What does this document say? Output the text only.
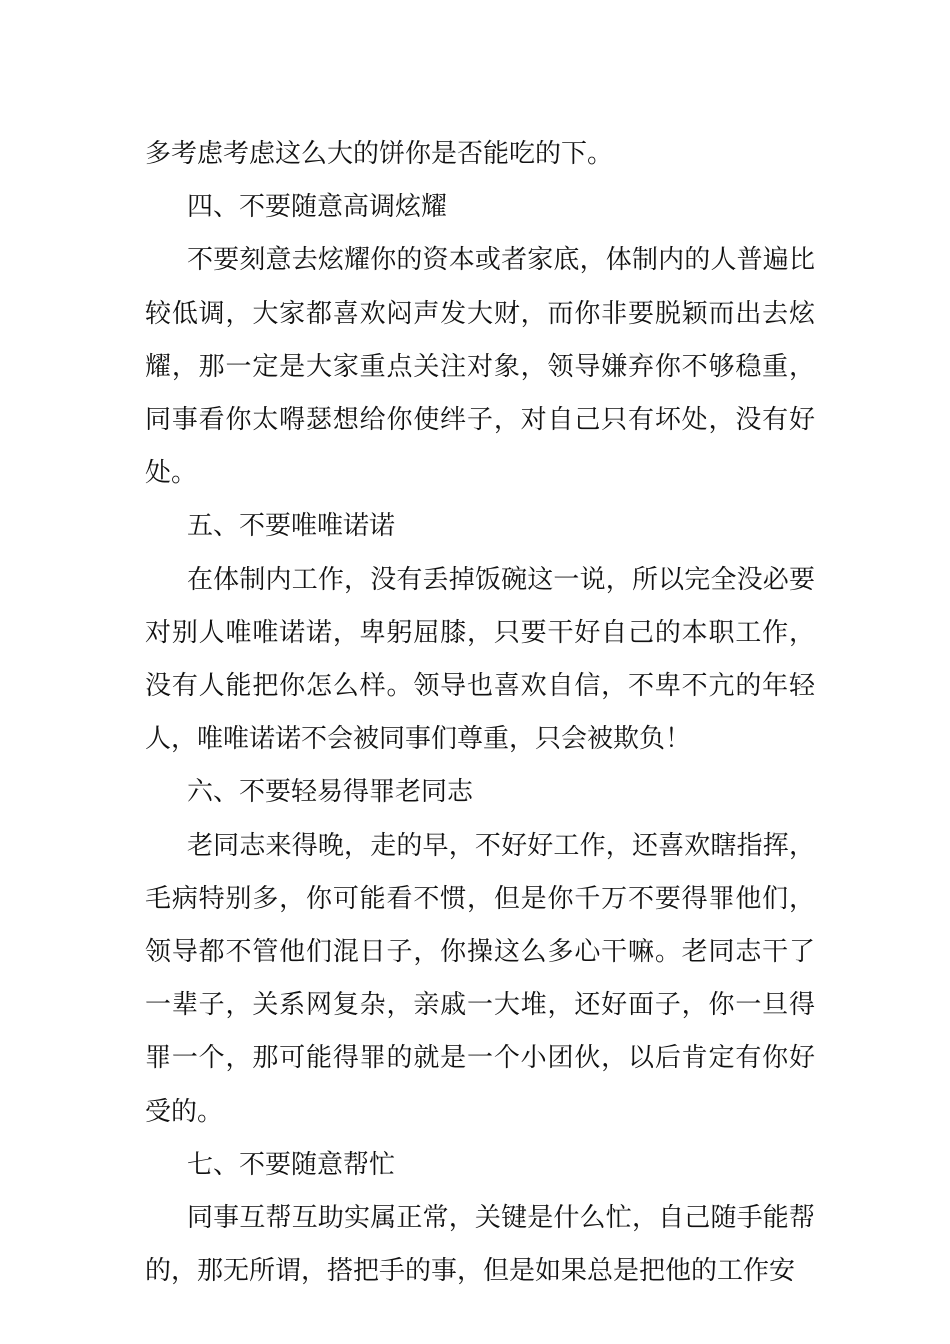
多考虑考虑这么大的饼你是否能吃的下。

四、不要随意高调炫耀

不要刻意去炫耀你的资本或者家底，体制内的人普遍比较低调，大家都喜欢闷声发大财，而你非要脱颖而出去炫耀，那一定是大家重点关注对象，领导嫌弃你不够稳重，同事看你太嘚瑟想给你使绊子，对自己只有坏处，没有好处。

五、不要唯唯诺诺

在体制内工作，没有丢掉饭碗这一说，所以完全没必要对别人唯唯诺诺，卑躬屈膝，只要干好自己的本职工作，没有人能把你怎么样。领导也喜欢自信，不卑不亢的年轻人，唯唯诺诺不会被同事们尊重，只会被欺负！

六、不要轻易得罪老同志

老同志来得晚，走的早，不好好工作，还喜欢瞎指挥，毛病特别多，你可能看不惯，但是你千万不要得罪他们，领导都不管他们混日子，你操这么多心干嘛。老同志干了一辈子，关系网复杂，亲戚一大堆，还好面子，你一旦得罪一个，那可能得罪的就是一个小团伙，以后肯定有你好受的。

七、不要随意帮忙

同事互帮互助实属正常，关键是什么忙，自己随手能帮的，那无所谓，搭把手的事，但是如果总是把他的工作安
